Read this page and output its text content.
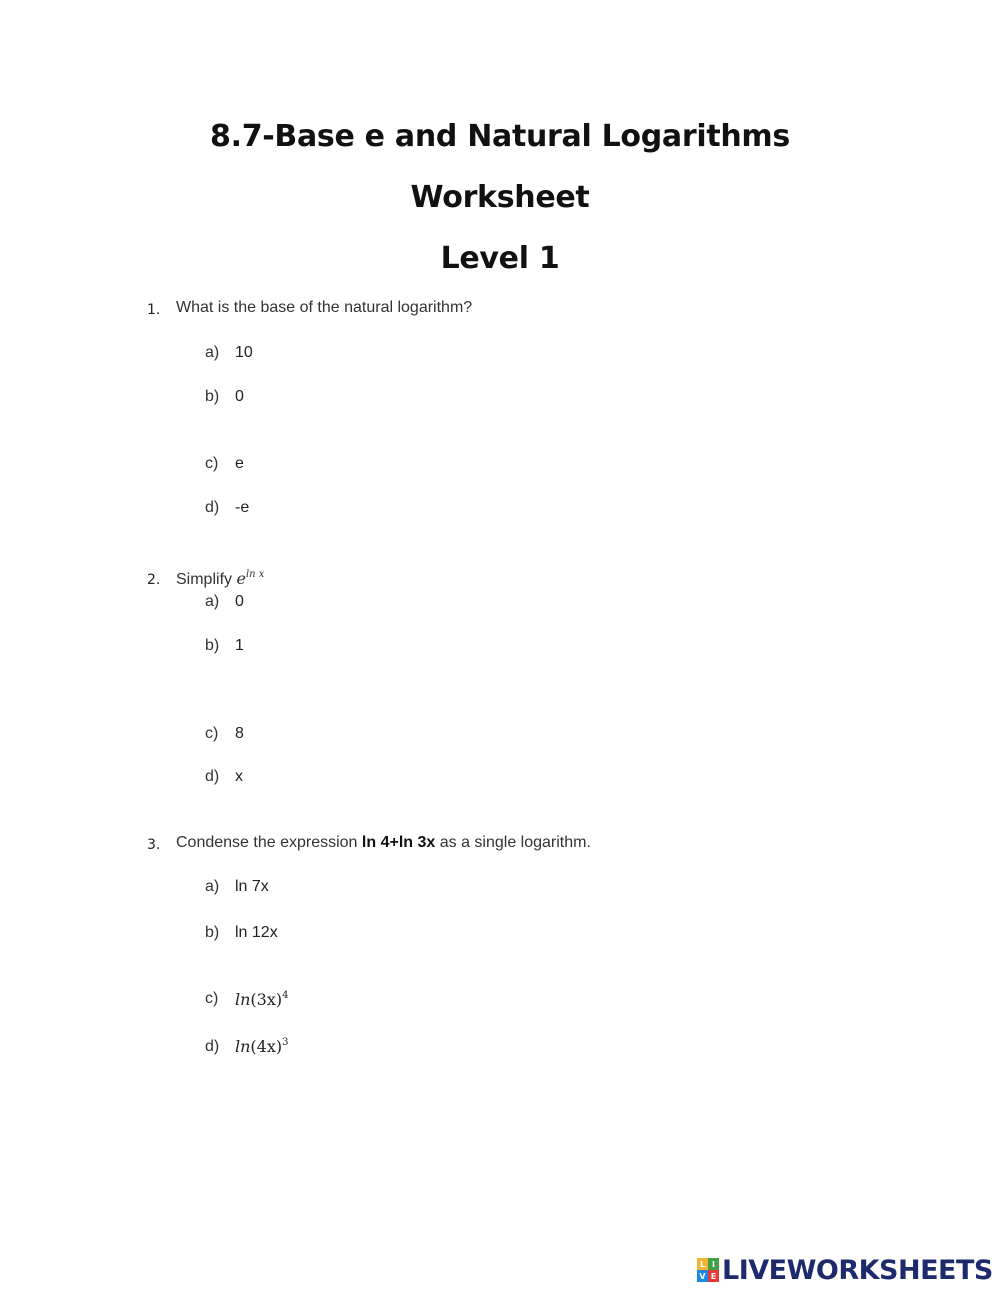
8.7-Base e and Natural Logarithms
Worksheet
Level 1
1. What is the base of the natural logarithm?
a) 10
b) 0
c) e
d) -e
2. Simplify $e^{ln x}$
a) 0
b) 1
c) 8
d) x
3. Condense the expression ln 4+ln 3x as a single logarithm.
a) ln 7x
b) ln 12x
c) $\ln(3x)^4$
d) $\ln(4x)^3$
L I
V E LIVEWORKSHEETS
